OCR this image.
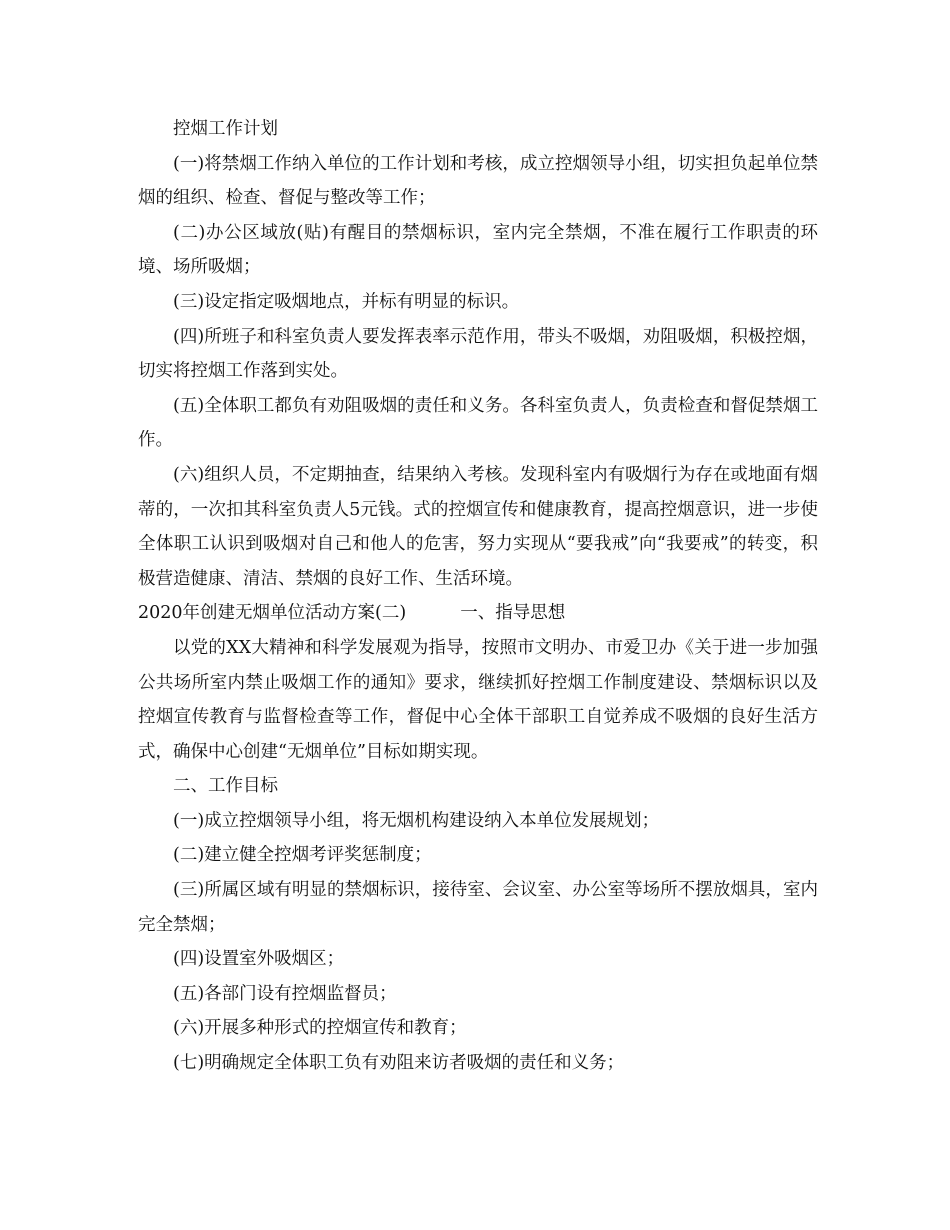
控烟工作计划

(一)将禁烟工作纳入单位的工作计划和考核，成立控烟领导小组，切实担负起单位禁烟的组织、检查、督促与整改等工作；

(二)办公区域放(贴)有醒目的禁烟标识，室内完全禁烟，不准在履行工作职责的环境、场所吸烟；

(三)设定指定吸烟地点，并标有明显的标识。

(四)所班子和科室负责人要发挥表率示范作用，带头不吸烟，劝阻吸烟，积极控烟，切实将控烟工作落到实处。

(五)全体职工都负有劝阻吸烟的责任和义务。各科室负责人，负责检查和督促禁烟工作。

(六)组织人员，不定期抽查，结果纳入考核。发现科室内有吸烟行为存在或地面有烟蒂的，一次扣其科室负责人5元钱。式的控烟宣传和健康教育，提高控烟意识，进一步使全体职工认识到吸烟对自己和他人的危害，努力实现从“要我戒”向“我要戒”的转变，积极营造健康、清洁、禁烟的良好工作、生活环境。

2020年创建无烟单位活动方案(二)	一、指导思想

以党的XX大精神和科学发展观为指导，按照市文明办、市爱卫办《关于进一步加强公共场所室内禁止吸烟工作的通知》要求，继续抓好控烟工作制度建设、禁烟标识以及控烟宣传教育与监督检查等工作，督促中心全体干部职工自觉养成不吸烟的良好生活方式，确保中心创建“无烟单位”目标如期实现。

二、工作目标

(一)成立控烟领导小组，将无烟机构建设纳入本单位发展规划；

(二)建立健全控烟考评奖惩制度；

(三)所属区域有明显的禁烟标识，接待室、会议室、办公室等场所不摆放烟具，室内完全禁烟；

(四)设置室外吸烟区；

(五)各部门设有控烟监督员；

(六)开展多种形式的控烟宣传和教育；

(七)明确规定全体职工负有劝阻来访者吸烟的责任和义务；
